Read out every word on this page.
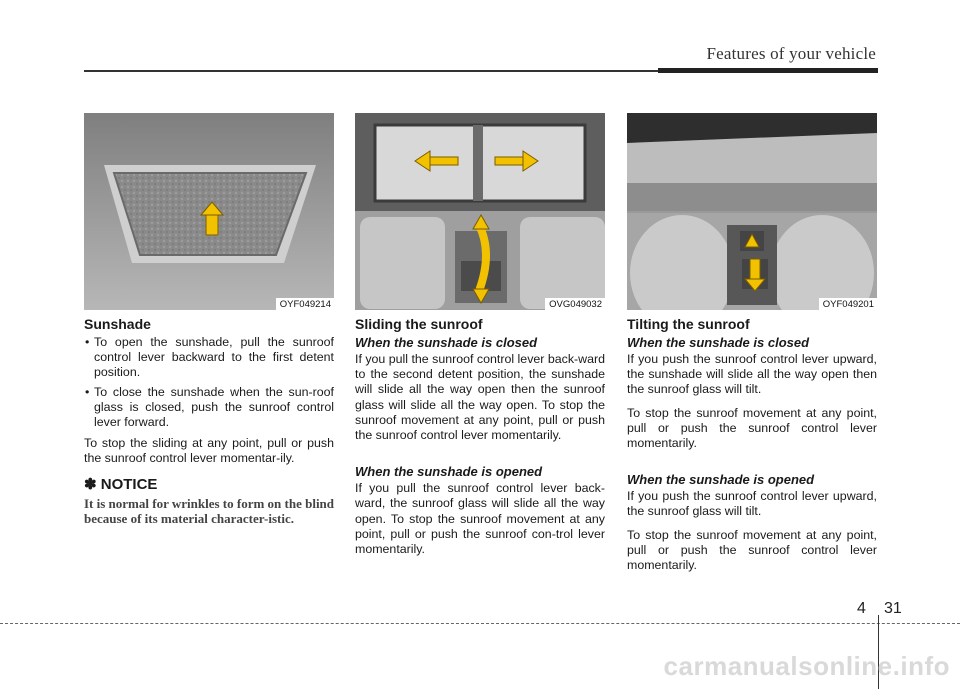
Features of your vehicle
OYF049214
Sunshade
• To open the sunshade, pull the sunroof control lever backward to the first detent position.
• To close the sunshade when the sun-roof glass is closed, push the sunroof control lever forward.

To stop the sliding at any point, pull or push the sunroof control lever momentar-ily.

✽ NOTICE

It is normal for wrinkles to form on the blind because of its material character-istic.

OVG049032
Sliding the sunroof
When the sunshade is closed

If you pull the sunroof control lever back-ward to the second detent position, the sunshade will slide all the way open then the sunroof glass will slide all the way open. To stop the sunroof movement at any point, pull or push the sunroof control lever momentarily.

When the sunshade is opened

If you pull the sunroof control lever back-ward, the sunroof glass will slide all the way open. To stop the sunroof movement at any point, pull or push the sunroof con-trol lever momentarily.

OYF049201
Tilting the sunroof
When the sunshade is closed

If you push the sunroof control lever upward, the sunshade will slide all the way open then the sunroof glass will tilt.

To stop the sunroof movement at any point, pull or push the sunroof control lever momentarily.

When the sunshade is opened

If you push the sunroof control lever upward, the sunroof glass will tilt.

To stop the sunroof movement at any point, pull or push the sunroof control lever momentarily.

4 31
carmanualsonline.info
